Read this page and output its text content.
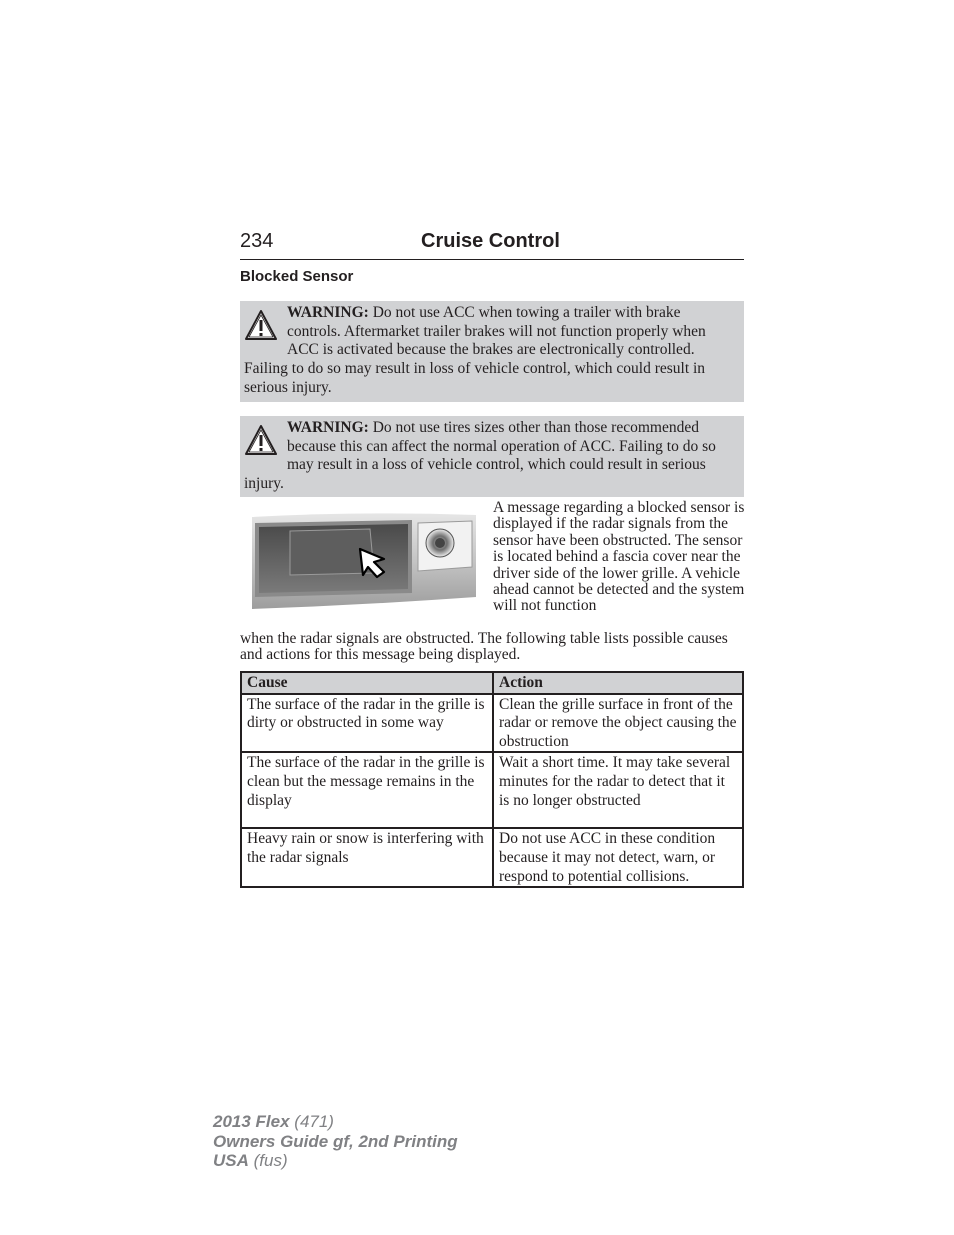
234	Cruise Control
Blocked Sensor
WARNING: Do not use ACC when towing a trailer with brake controls. Aftermarket trailer brakes will not function properly when ACC is activated because the brakes are electronically controlled. Failing to do so may result in loss of vehicle control, which could result in serious injury.
WARNING: Do not use tires sizes other than those recommended because this can affect the normal operation of ACC. Failing to do so may result in a loss of vehicle control, which could result in serious injury.
A message regarding a blocked sensor is displayed if the radar signals from the sensor have been obstructed. The sensor is located behind a fascia cover near the driver side of the lower grille. A vehicle ahead cannot be detected and the system will not function
when the radar signals are obstructed. The following table lists possible causes and actions for this message being displayed.
Cause	Action
The surface of the radar in the grille is dirty or obstructed in some way	Clean the grille surface in front of the radar or remove the object causing the obstruction
The surface of the radar in the grille is clean but the message remains in the display	Wait a short time. It may take several minutes for the radar to detect that it is no longer obstructed
Heavy rain or snow is interfering with the radar signals	Do not use ACC in these condition because it may not detect, warn, or respond to potential collisions.
2013 Flex (471)
Owners Guide gf, 2nd Printing
USA (fus)
